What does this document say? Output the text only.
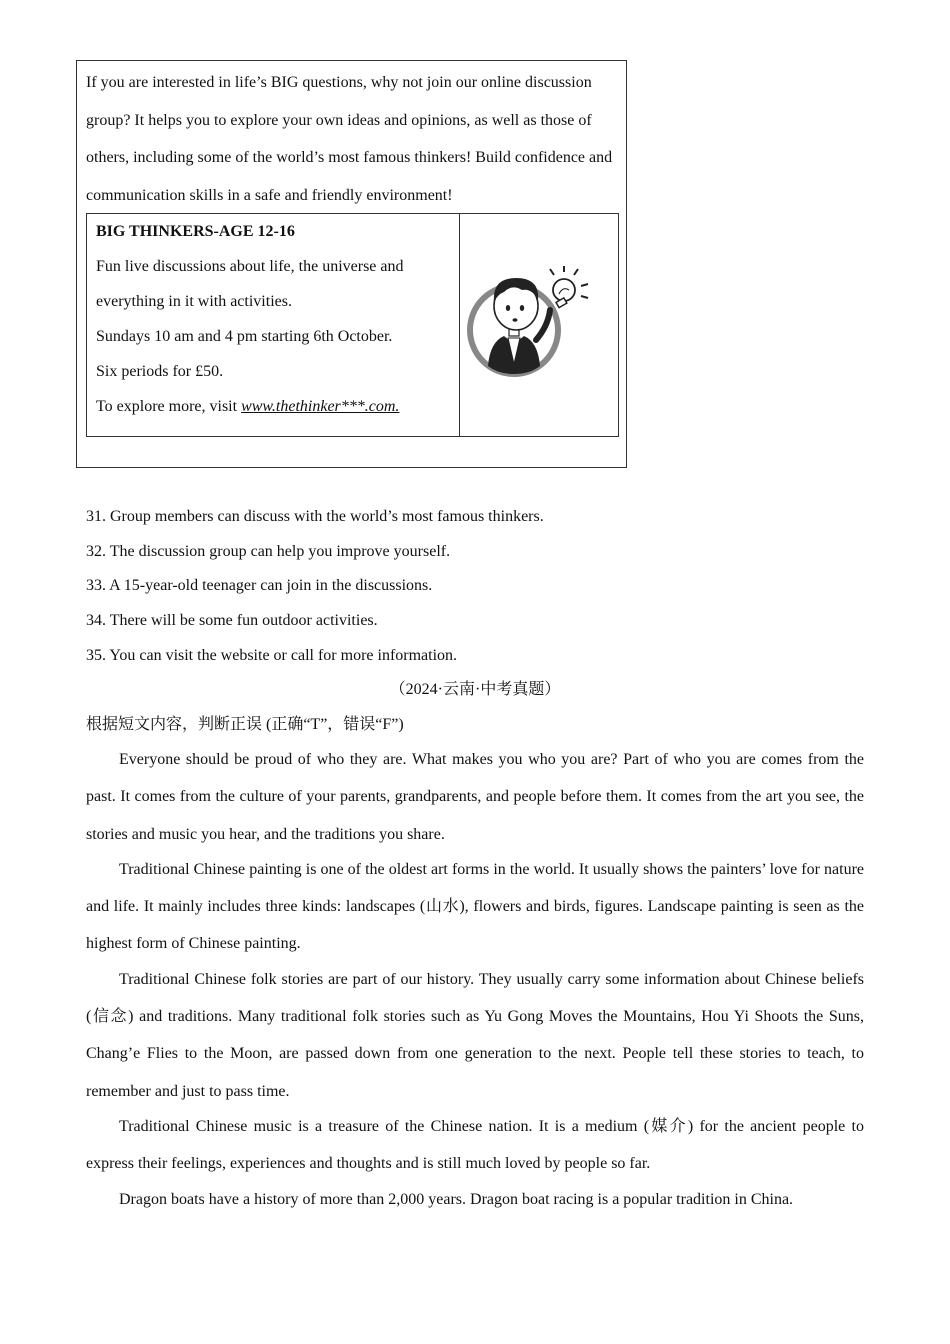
If you are interested in life’s BIG questions, why not join our online discussion group? It helps you to explore your own ideas and opinions, as well as those of others, including some of the world’s most famous thinkers! Build confidence and communication skills in a safe and friendly environment!
BIG THINKERS-AGE 12-16
Fun live discussions about life, the universe and
everything in it with activities.
Sundays 10 am and 4 pm starting 6th October.
Six periods for £50.
To explore more, visit www.thethinker***.com.
31. Group members can discuss with the world’s most famous thinkers.
32. The discussion group can help you improve yourself.
33. A 15-year-old teenager can join in the discussions.
34. There will be some fun outdoor activities.
35. You can visit the website or call for more information.
（2024·云南·中考真题）
根据短文内容，判断正误 (正确“T”，错误“F”)

Everyone should be proud of who they are. What makes you who you are? Part of who you are comes from the past. It comes from the culture of your parents, grandparents, and people before them. It comes from the art you see, the stories and music you hear, and the traditions you share.

Traditional Chinese painting is one of the oldest art forms in the world. It usually shows the painters’ love for nature and life. It mainly includes three kinds: landscapes (山水), flowers and birds, figures. Landscape painting is seen as the highest form of Chinese painting.

Traditional Chinese folk stories are part of our history. They usually carry some information about Chinese beliefs (信念) and traditions. Many traditional folk stories such as Yu Gong Moves the Mountains, Hou Yi Shoots the Suns, Chang’e Flies to the Moon, are passed down from one generation to the next. People tell these stories to teach, to remember and just to pass time.

Traditional Chinese music is a treasure of the Chinese nation. It is a medium (媒介) for the ancient people to express their feelings, experiences and thoughts and is still much loved by people so far.

Dragon boats have a history of more than 2,000 years. Dragon boat racing is a popular tradition in China.
